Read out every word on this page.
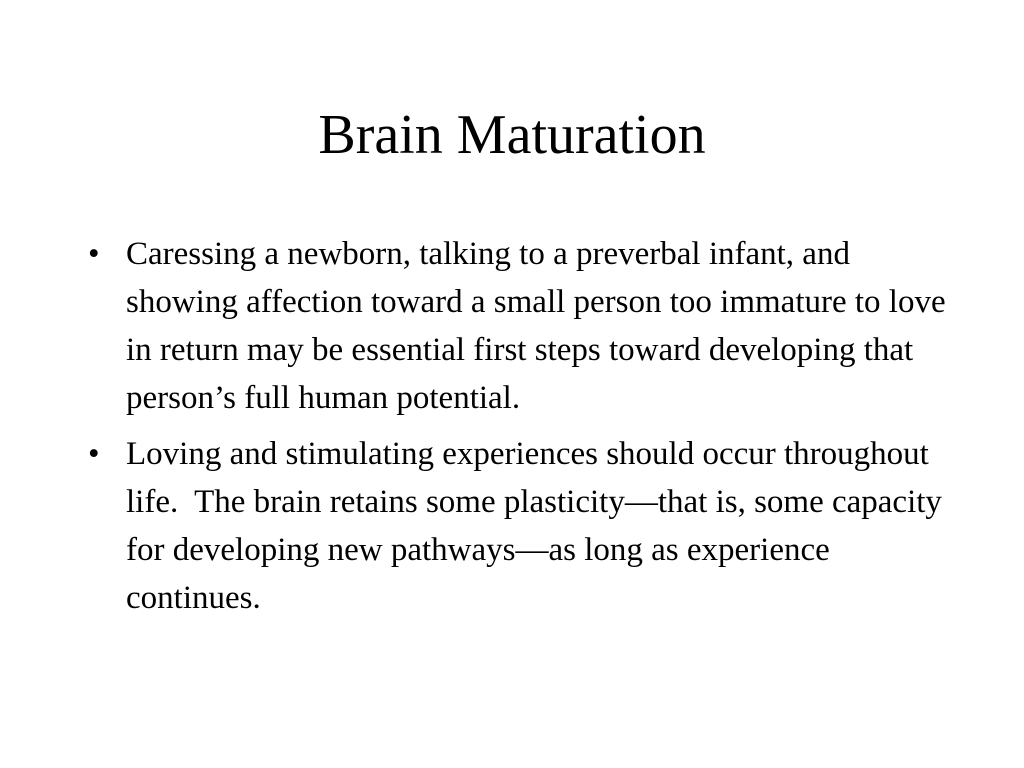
Brain Maturation
• Caressing a newborn, talking to a preverbal infant, and showing affection toward a small person too immature to love in return may be essential first steps toward developing that person’s full human potential.
• Loving and stimulating experiences should occur throughout life.  The brain retains some plasticity—that is, some capacity for developing new pathways—as long as experience continues.
